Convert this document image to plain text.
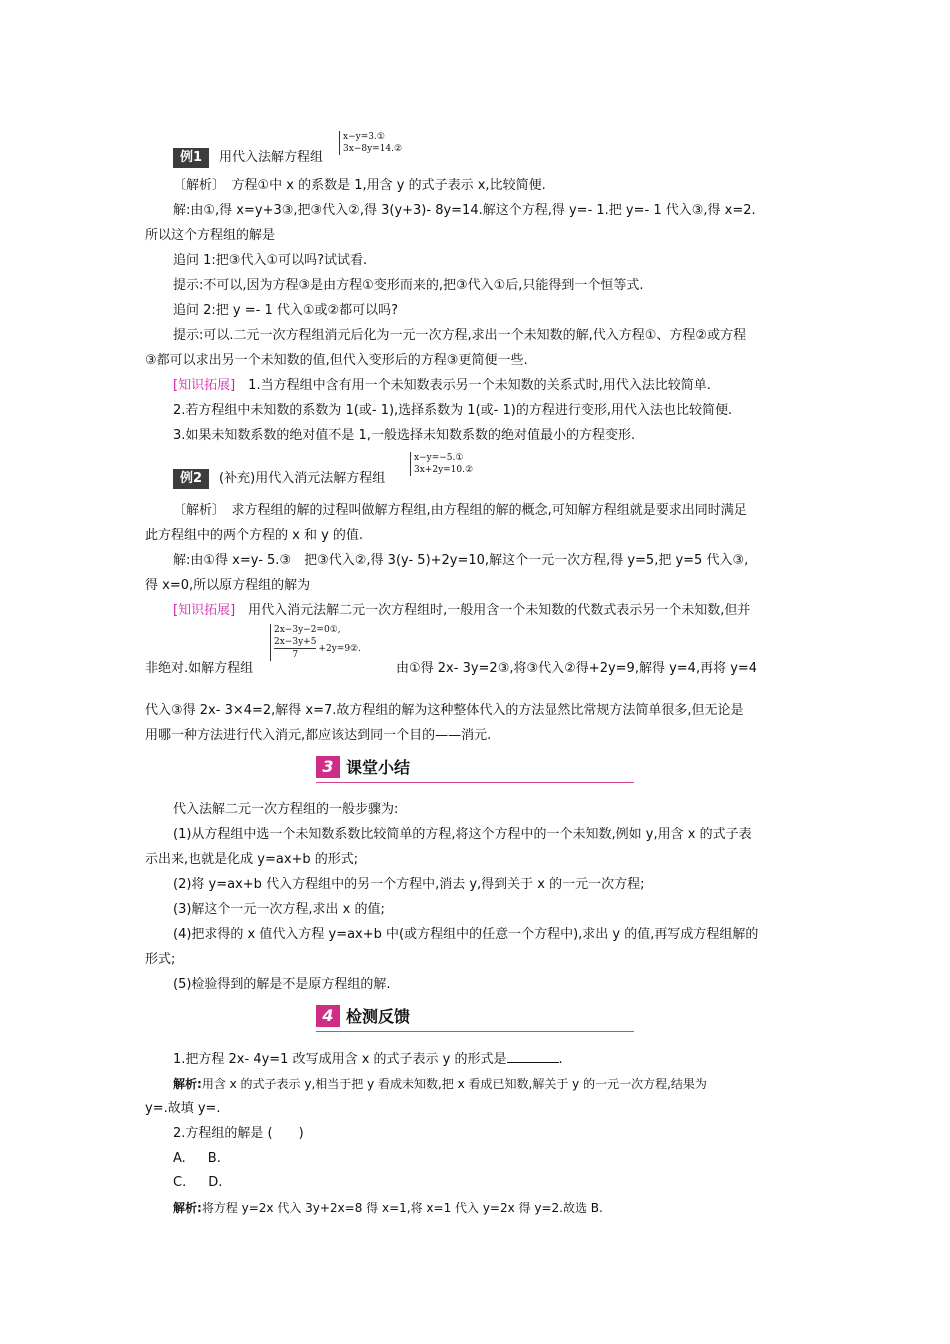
例1 用代入法解方程组
x−y=3.①
3x−8y=14.②
〔解析〕　方程①中 x 的系数是 1,用含 y 的式子表示 x,比较简便.
解:由①,得 x=y+3③,把③代入②,得 3(y+3)- 8y=14.解这个方程,得 y=- 1.把 y=- 1 代入③,得 x=2.
所以这个方程组的解是
追问 1:把③代入①可以吗?试试看.
提示:不可以,因为方程③是由方程①变形而来的,把③代入①后,只能得到一个恒等式.
追问 2:把 y =- 1 代入①或②都可以吗?
提示:可以.二元一次方程组消元后化为一元一次方程,求出一个未知数的解,代入方程①、方程②或方程
③都可以求出另一个未知数的值,但代入变形后的方程③更简便一些.
[知识拓展]　 1.当方程组中含有用一个未知数表示另一个未知数的关系式时,用代入法比较简单.
2.若方程组中未知数的系数为 1(或- 1),选择系数为 1(或- 1)的方程进行变形,用代入法也比较简便.
3.如果未知数系数的绝对值不是 1,一般选择未知数系数的绝对值最小的方程变形.
例2 (补充)用代入消元法解方程组
x−y=−5.①
3x+2y=10.②
〔解析〕　求方程组的解的过程叫做解方程组,由方程组的解的概念,可知解方程组就是要求出同时满足
此方程组中的两个方程的 x 和 y 的值.
解:由①得 x=y- 5.③　把③代入②,得 3(y- 5)+2y=10,解这个一元一次方程,得 y=5,把 y=5 代入③,
得 x=0,所以原方程组的解为
[知识拓展]　 用代入消元法解二元一次方程组时,一般用含一个未知数的代数式表示另一个未知数,但并
非绝对.如解方程组
2x−3y−2=0①,
$\frac{2x-3y+5}{7}$ +2y=9②.
由①得 2x- 3y=2③,将③代入②得+2y=9,解得 y=4,再将 y=4
代入③得 2x- 3×4=2,解得 x=7.故方程组的解为这种整体代入的方法显然比常规方法简单很多,但无论是
用哪一种方法进行代入消元,都应该达到同一个目的——消元.
3 课堂小结
代入法解二元一次方程组的一般步骤为:
(1)从方程组中选一个未知数系数比较简单的方程,将这个方程中的一个未知数,例如 y,用含 x 的式子表
示出来,也就是化成 y=ax+b 的形式;
(2)将 y=ax+b 代入方程组中的另一个方程中,消去 y,得到关于 x 的一元一次方程;
(3)解这个一元一次方程,求出 x 的值;
(4)把求得的 x 值代入方程 y=ax+b 中(或方程组中的任意一个方程中),求出 y 的值,再写成方程组解的
形式;
(5)检验得到的解是不是原方程组的解.
4 检测反馈
1.把方程 2x- 4y=1 改写成用含 x 的式子表示 y 的形式是	.
解析:用含 x 的式子表示 y,相当于把 y 看成未知数,把 x 看成已知数,解关于 y 的一元一次方程,结果为
y=.故填 y=.
2.方程组的解是 (　　)
A. B.
C. D.
解析:将方程 y=2x 代入 3y+2x=8 得 x=1,将 x=1 代入 y=2x 得 y=2.故选 B.
